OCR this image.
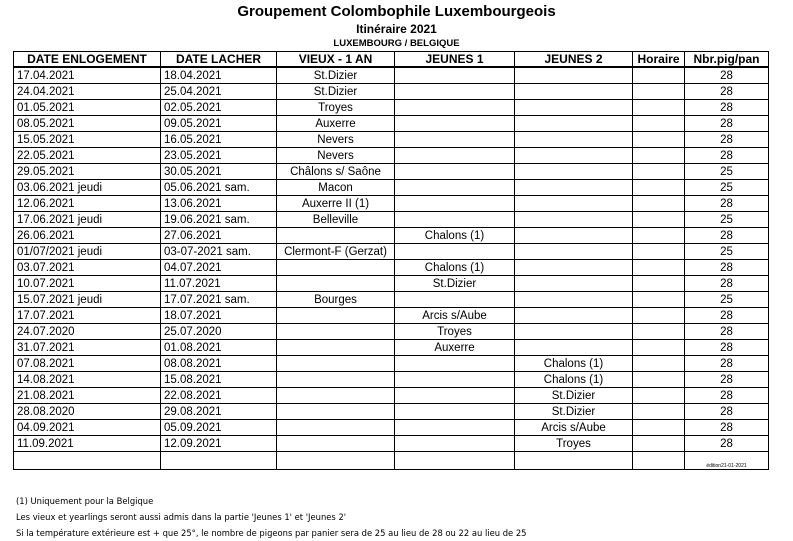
Groupement Colombophile Luxembourgeois
Itinéraire 2021
LUXEMBOURG / BELGIQUE
DATE ENLOGEMENT	DATE LACHER	VIEUX - 1 AN	JEUNES 1	JEUNES 2	Horaire	Nbr.pig/pan
17.04.2021	18.04.2021	St.Dizier				28
24.04.2021	25.04.2021	St.Dizier				28
01.05.2021	02.05.2021	Troyes				28
08.05.2021	09.05.2021	Auxerre				28
15.05.2021	16.05.2021	Nevers				28
22.05.2021	23.05.2021	Nevers				28
29.05.2021	30.05.2021	Châlons s/ Saône				25
03.06.2021 jeudi	05.06.2021 sam.	Macon				25
12.06.2021	13.06.2021	Auxerre II (1)				28
17.06.2021 jeudi	19.06.2021 sam.	Belleville				25
26.06.2021	27.06.2021		Chalons (1)			28
01/07/2021 jeudi	03-07-2021 sam.	Clermont-F (Gerzat)				25
03.07.2021	04.07.2021		Chalons (1)			28
10.07.2021	11.07.2021		St.Dizier			28
15.07.2021 jeudi	17.07.2021 sam.	Bourges				25
17.07.2021	18.07.2021		Arcis s/Aube			28
24.07.2020	25.07.2020		Troyes			28
31.07.2021	01.08.2021		Auxerre			28
07.08.2021	08.08.2021			Chalons (1)		28
14.08.2021	15.08.2021			Chalons (1)		28
21.08.2021	22.08.2021			St.Dizier		28
28.08.2020	29.08.2021			St.Dizier		28
04.09.2021	05.09.2021			Arcis s/Aube		28
11.09.2021	12.09.2021			Troyes		28
						édition21-01-2021
(1) Uniquement pour la Belgique
Les vieux et yearlings seront aussi admis dans la partie 'Jeunes 1' et 'Jeunes 2'
Si la température extérieure est + que 25°, le nombre de pigeons par panier sera de 25 au lieu de 28 ou 22 au lieu de 25
